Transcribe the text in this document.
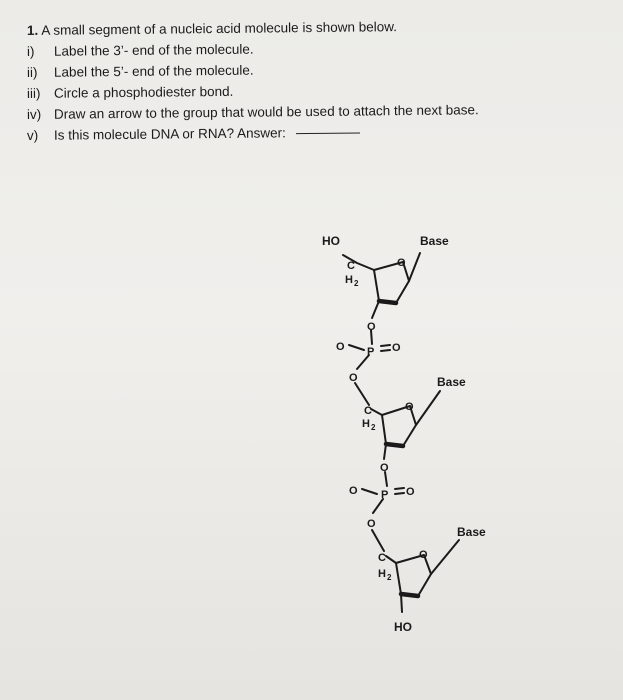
1. A small segment of a nucleic acid molecule is shown below.
i) Label the 3’- end of the molecule.
ii) Label the 5’- end of the molecule.
iii) Circle a phosphodiester bond.
iv) Draw an arrow to the group that would be used to attach the next base.
v) Is this molecule DNA or RNA? Answer:
HO	Base
O
C
H 2
O
O P O
O	Base
O
C
H 2
O
O P O
O
Base
O
C
H 2
HO
